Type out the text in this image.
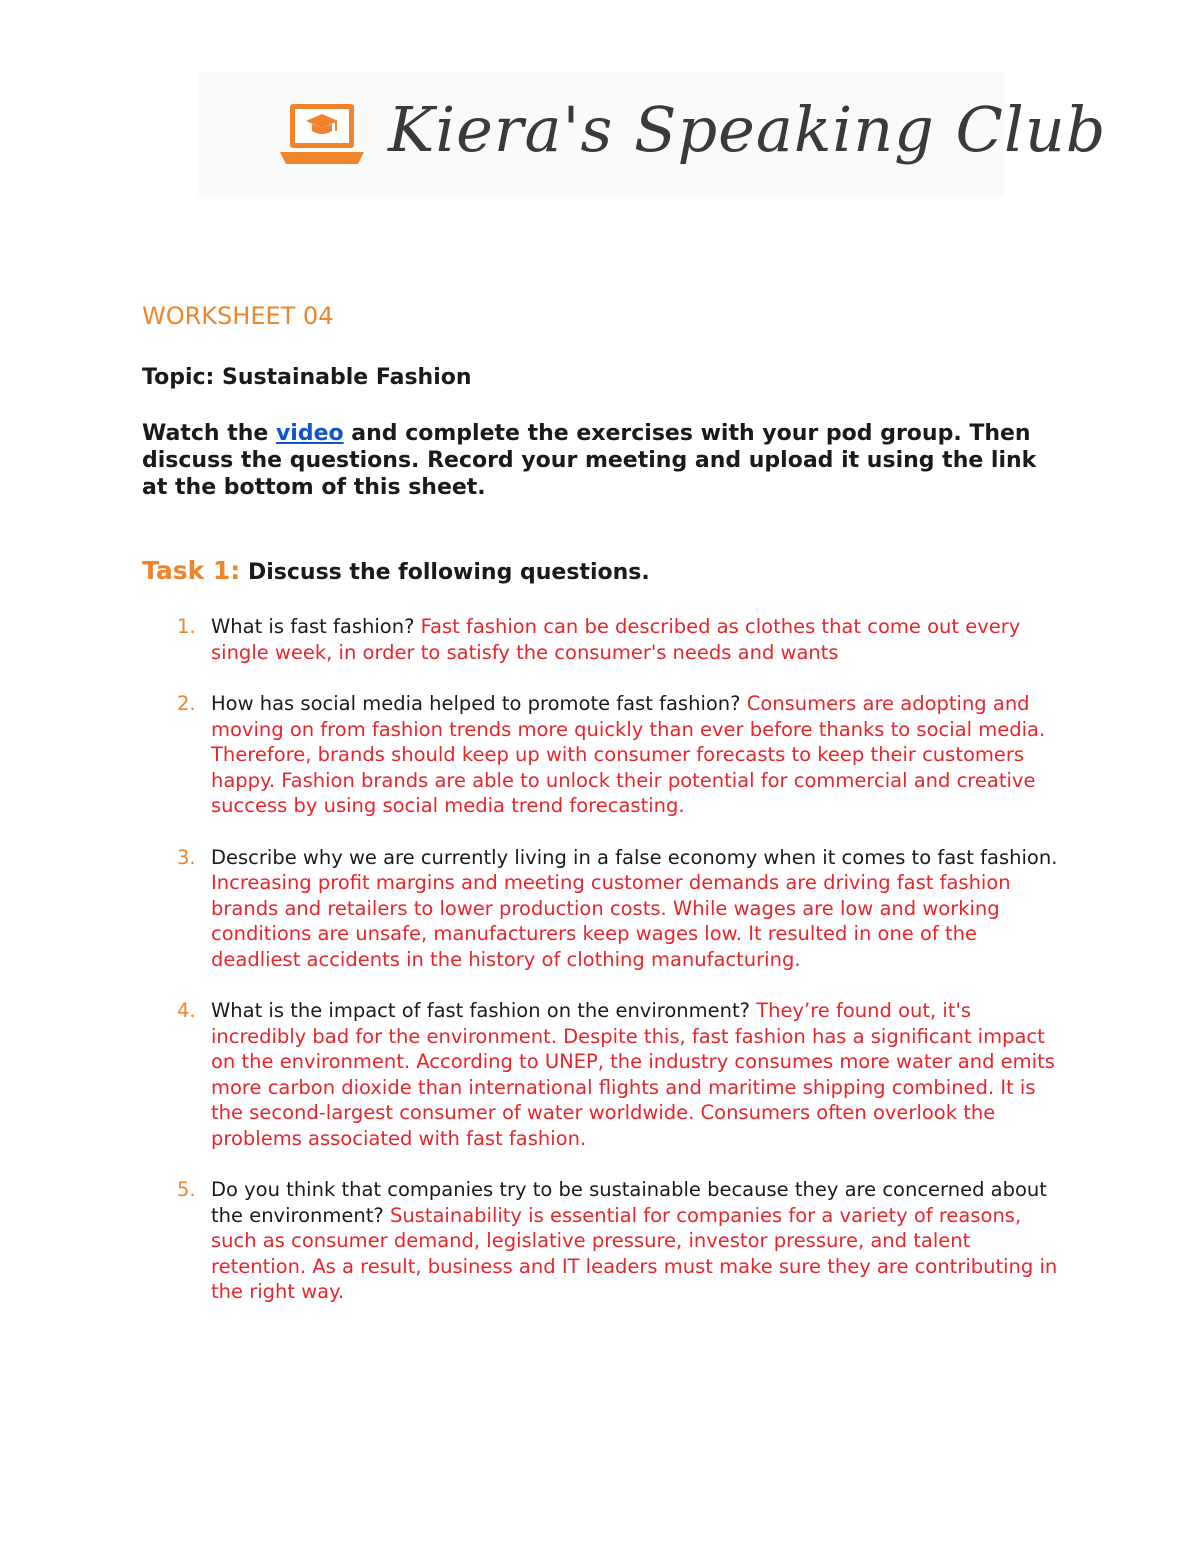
Kiera's Speaking Club
WORKSHEET 04

Topic: Sustainable Fashion

Watch the video and complete the exercises with your pod group. Then discuss the questions. Record your meeting and upload it using the link at the bottom of this sheet.

Task 1: Discuss the following questions.

1. What is fast fashion? Fast fashion can be described as clothes that come out every single week, in order to satisfy the consumer's needs and wants
2. How has social media helped to promote fast fashion? Consumers are adopting and moving on from fashion trends more quickly than ever before thanks to social media. Therefore, brands should keep up with consumer forecasts to keep their customers happy. Fashion brands are able to unlock their potential for commercial and creative success by using social media trend forecasting.
3. Describe why we are currently living in a false economy when it comes to fast fashion. Increasing profit margins and meeting customer demands are driving fast fashion brands and retailers to lower production costs. While wages are low and working conditions are unsafe, manufacturers keep wages low. It resulted in one of the deadliest accidents in the history of clothing manufacturing.
4. What is the impact of fast fashion on the environment? They’re found out, it's incredibly bad for the environment. Despite this, fast fashion has a significant impact on the environment. According to UNEP, the industry consumes more water and emits more carbon dioxide than international flights and maritime shipping combined. It is the second-largest consumer of water worldwide. Consumers often overlook the problems associated with fast fashion.
5. Do you think that companies try to be sustainable because they are concerned about the environment? Sustainability is essential for companies for a variety of reasons, such as consumer demand, legislative pressure, investor pressure, and talent retention. As a result, business and IT leaders must make sure they are contributing in the right way.
